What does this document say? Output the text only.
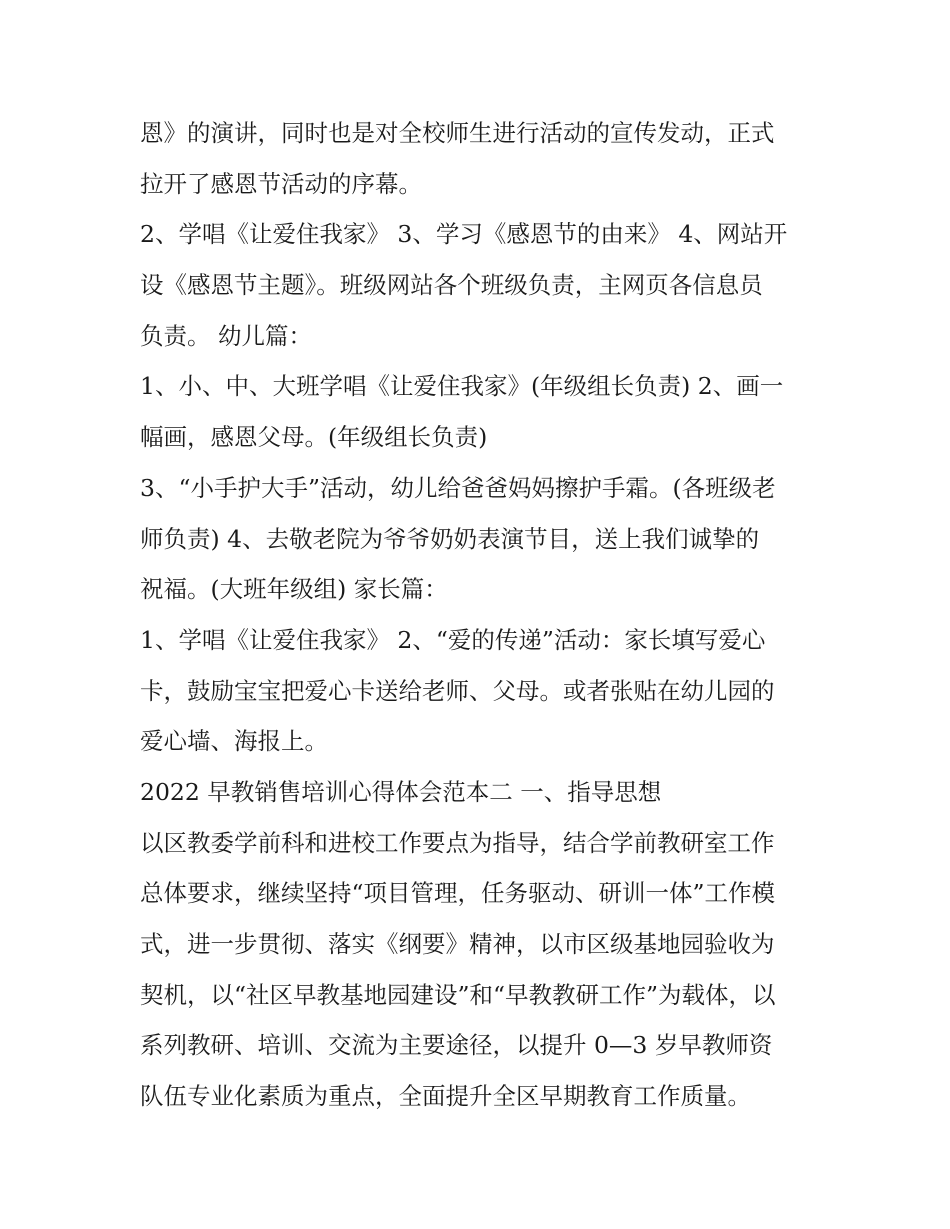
恩》的演讲，同时也是对全校师生进行活动的宣传发动，正式
拉开了感恩节活动的序幕。
2、学唱《让爱住我家》 3、学习《感恩节的由来》 4、网站开
设《感恩节主题》。班级网站各个班级负责，主网页各信息员
负责。 幼儿篇：
1、小、中、大班学唱《让爱住我家》(年级组长负责) 2、画一
幅画，感恩父母。(年级组长负责)
3、“小手护大手”活动，幼儿给爸爸妈妈擦护手霜。(各班级老
师负责) 4、去敬老院为爷爷奶奶表演节目，送上我们诚挚的
祝福。(大班年级组) 家长篇：
1、学唱《让爱住我家》 2、“爱的传递”活动：家长填写爱心
卡，鼓励宝宝把爱心卡送给老师、父母。或者张贴在幼儿园的
爱心墙、海报上。
2022 早教销售培训心得体会范本二 一、指导思想
以区教委学前科和进校工作要点为指导，结合学前教研室工作
总体要求，继续坚持“项目管理，任务驱动、研训一体”工作模
式，进一步贯彻、落实《纲要》精神，以市区级基地园验收为
契机，以“社区早教基地园建设”和“早教教研工作”为载体，以
系列教研、培训、交流为主要途径，以提升 0—3 岁早教师资
队伍专业化素质为重点，全面提升全区早期教育工作质量。
